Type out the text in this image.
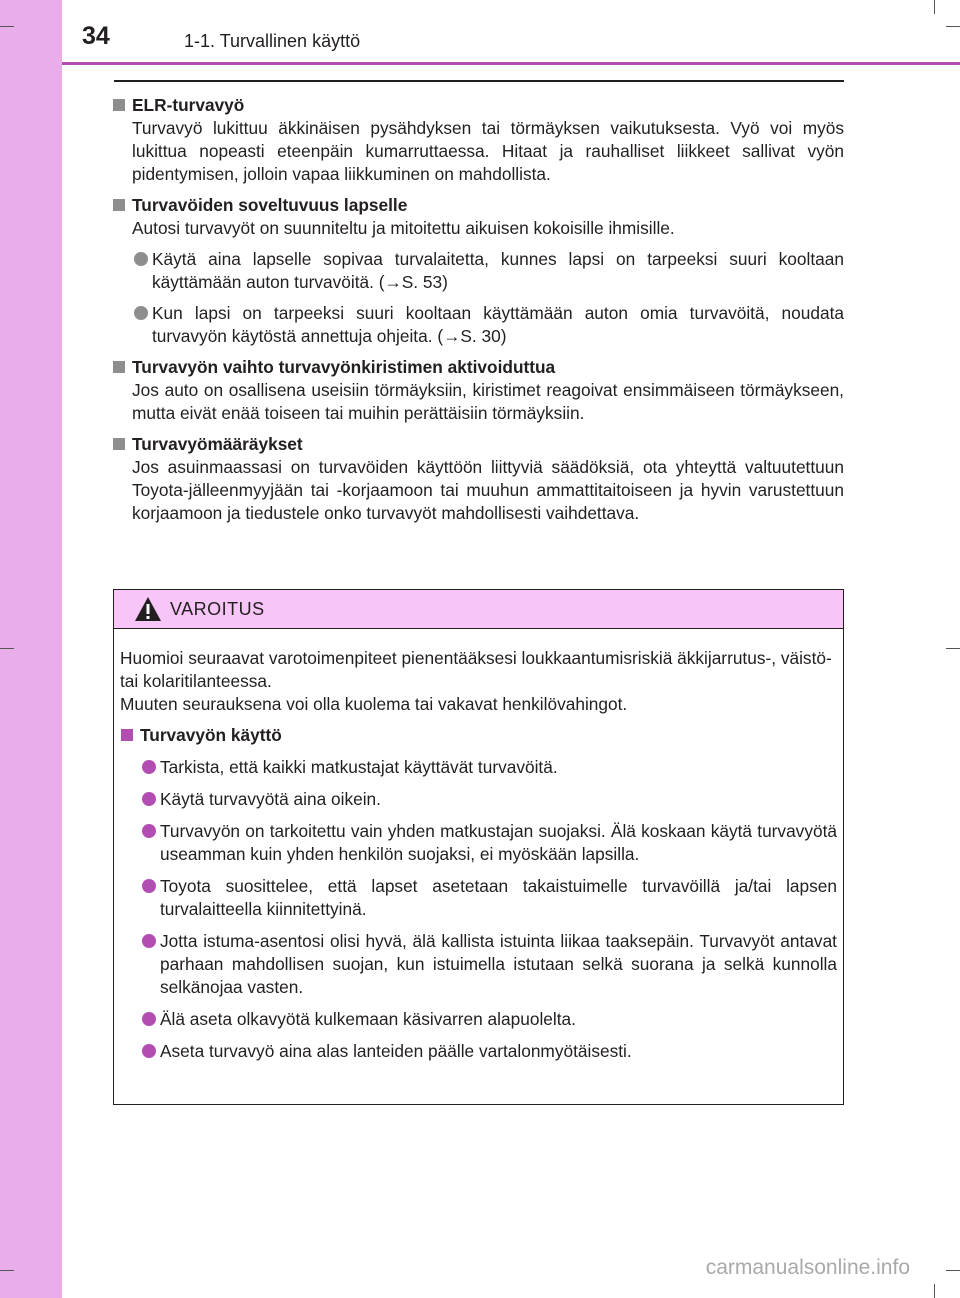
34	1-1. Turvallinen käyttö
ELR-turvavyö
Turvavyö lukittuu äkkinäisen pysähdyksen tai törmäyksen vaikutuksesta. Vyö voi myös lukittua nopeasti eteenpäin kumarruttaessa. Hitaat ja rauhalliset liikkeet sallivat vyön pidentymisen, jolloin vapaa liikkuminen on mahdollista.
Turvavöiden soveltuvuus lapselle
Autosi turvavyöt on suunniteltu ja mitoitettu aikuisen kokoisille ihmisille.
Käytä aina lapselle sopivaa turvalaitetta, kunnes lapsi on tarpeeksi suuri kooltaan käyttämään auton turvavöitä. (→S. 53)
Kun lapsi on tarpeeksi suuri kooltaan käyttämään auton omia turvavöitä, noudata turvavyön käytöstä annettuja ohjeita. (→S. 30)
Turvavyön vaihto turvavyönkiristimen aktivoiduttua
Jos auto on osallisena useisiin törmäyksiin, kiristimet reagoivat ensimmäiseen törmäykseen, mutta eivät enää toiseen tai muihin perättäisiin törmäyksiin.
Turvavyömääräykset
Jos asuinmaassasi on turvavöiden käyttöön liittyviä säädöksiä, ota yhteyttä valtuutettuun Toyota-jälleenmyyjään tai -korjaamoon tai muuhun ammattitaitoiseen ja hyvin varustettuun korjaamoon ja tiedustele onko turvavyöt mahdollisesti vaihdettava.
VAROITUS
Huomioi seuraavat varotoimenpiteet pienentääksesi loukkaantumisriskiä äkkijarrutus-, väistö- tai kolaritilanteessa.
Muuten seurauksena voi olla kuolema tai vakavat henkilövahingot.
Turvavyön käyttö
Tarkista, että kaikki matkustajat käyttävät turvavöitä.
Käytä turvavyötä aina oikein.
Turvavyön on tarkoitettu vain yhden matkustajan suojaksi. Älä koskaan käytä turvavyötä useamman kuin yhden henkilön suojaksi, ei myöskään lapsilla.
Toyota suosittelee, että lapset asetetaan takaistuimelle turvavöillä ja/tai lapsen turvalaitteella kiinnitettyinä.
Jotta istuma-asentosi olisi hyvä, älä kallista istuinta liikaa taaksepäin. Turvavyöt antavat parhaan mahdollisen suojan, kun istuimella istutaan selkä suorana ja selkä kunnolla selkänojaa vasten.
Älä aseta olkavyötä kulkemaan käsivarren alapuolelta.
Aseta turvavyö aina alas lanteiden päälle vartalonmyötäisesti.
carmanualsonline.info
